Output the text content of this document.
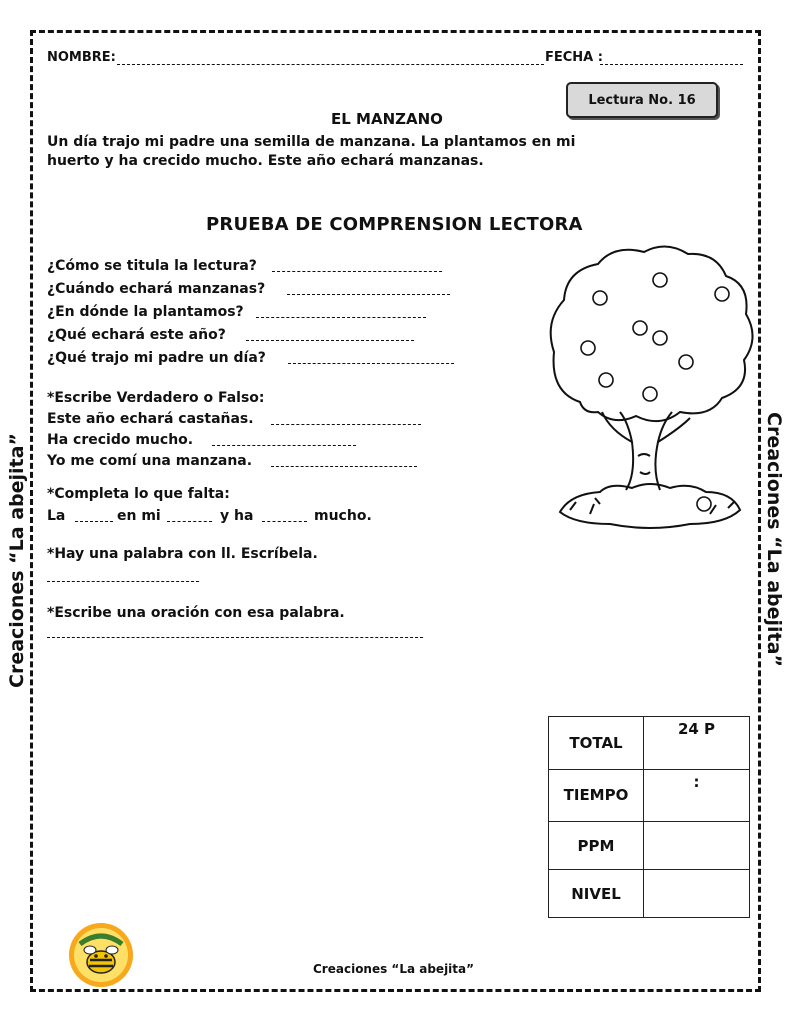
NOMBRE:	FECHA :
Lectura No. 16
EL MANZANO
Un día trajo mi padre una semilla de manzana. La plantamos en mi huerto y ha crecido mucho. Este año echará manzanas.
PRUEBA DE COMPRENSION LECTORA
¿Cómo se titula la lectura?
¿Cuándo echará manzanas?
¿En dónde la plantamos?
¿Qué echará este año?
¿Qué trajo mi padre un día?
*Escribe Verdadero o Falso:
Este año echará castañas.
Ha crecido mucho.
Yo me comí una manzana.
*Completa lo que falta:
La	en mi	y ha	mucho.
*Hay una palabra con ll. Escríbela.
*Escribe una oración con esa palabra.
Creaciones “La abejita”	Creaciones “La abejita”
TOTAL	24 P
TIEMPO	:
PPM	
NIVEL	
Creaciones “La abejita”
